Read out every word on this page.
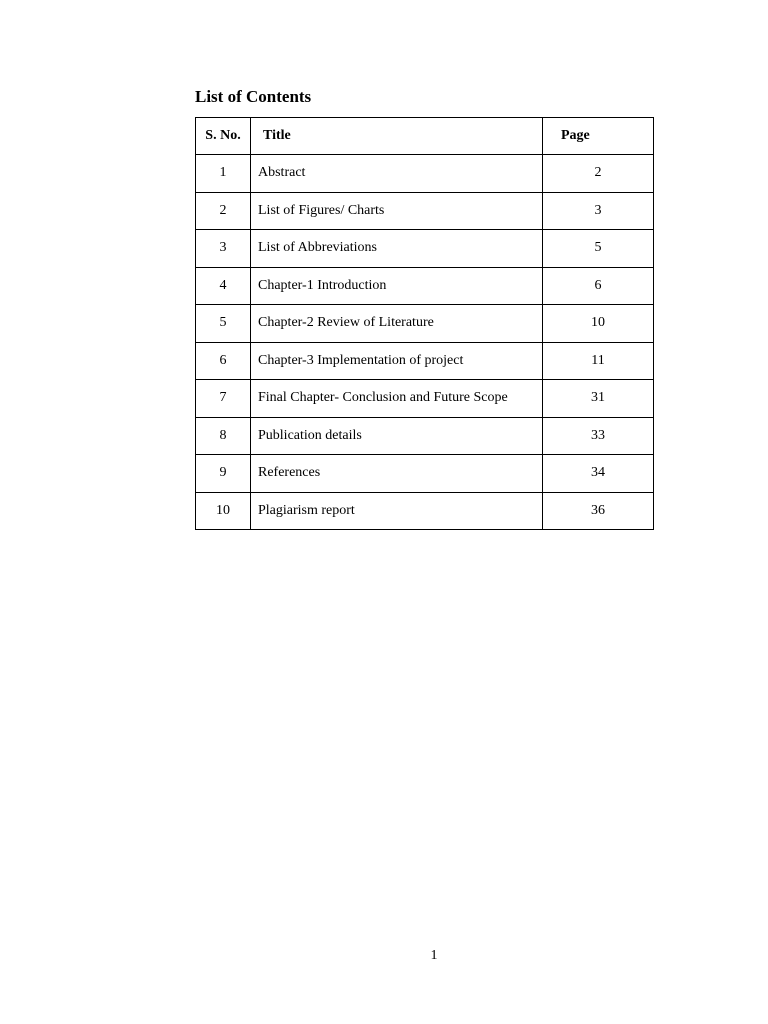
List of Contents
S. No.	Title	Page
1	Abstract	2
2	List of Figures/ Charts	3
3	List of Abbreviations	5
4	Chapter-1 Introduction	6
5	Chapter-2 Review of Literature	10
6	Chapter-3 Implementation of project	11
7	Final Chapter- Conclusion and Future Scope	31
8	Publication details	33
9	References	34
10	Plagiarism report	36
1
